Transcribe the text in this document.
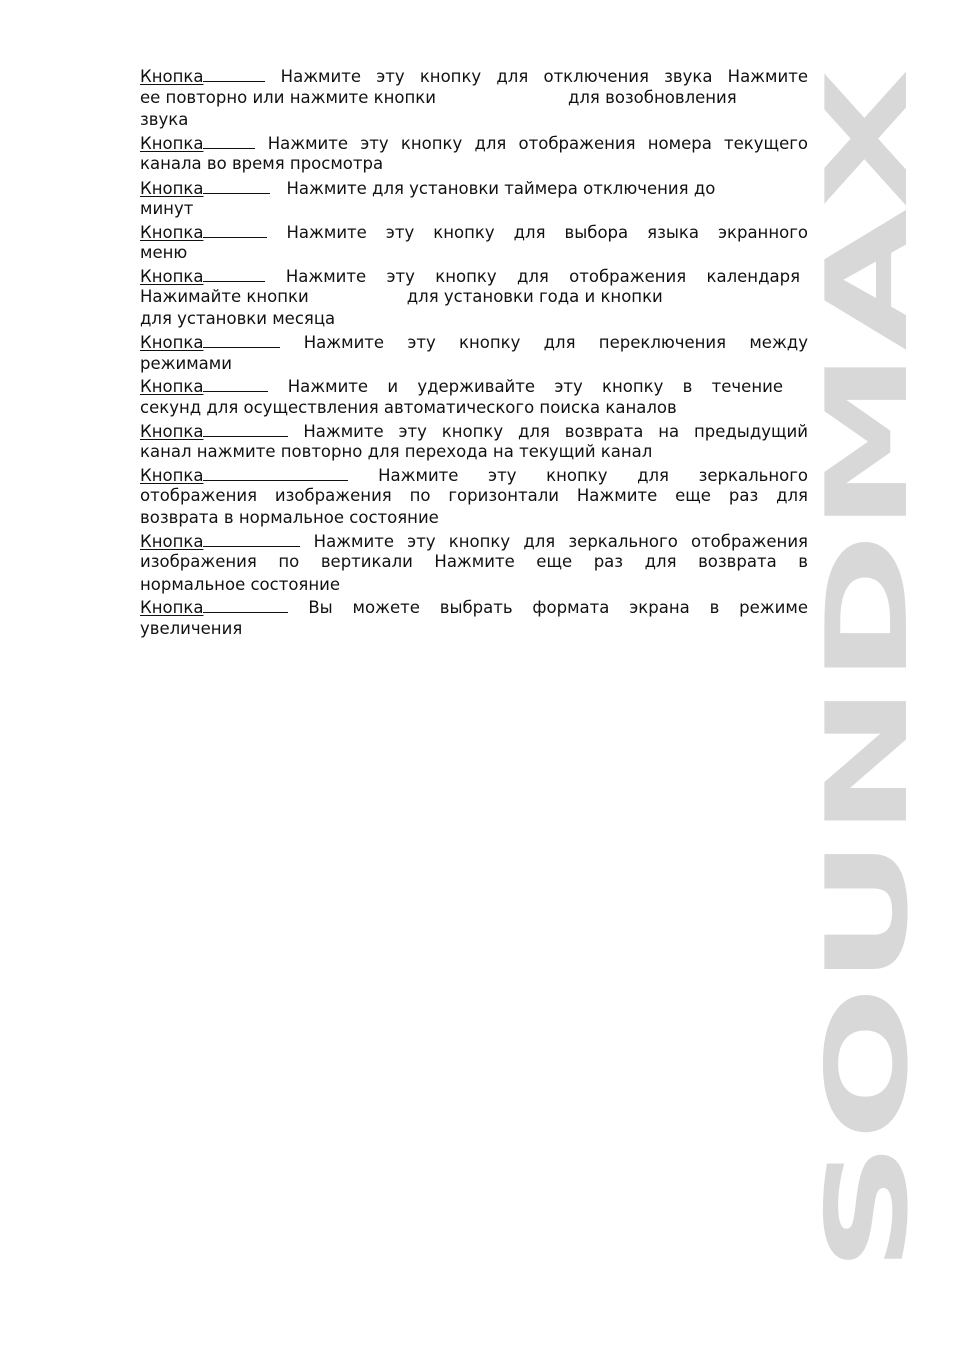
Кнопка	Нажмите эту кнопку для отключения звука Нажмите
ее повторно или нажмите кнопки	для возобновления
звука
Кнопка	Нажмите эту кнопку для отображения номера текущего
канала во время просмотра
Кнопка	Нажмите для установки таймера отключения до
минут
Кнопка	Нажмите эту кнопку для выбора языка экранного
меню
Кнопка	Нажмите эту кнопку для отображения календаря
Нажимайте кнопки	для установки года и кнопки
для установки месяца
Кнопка	Нажмите эту кнопку для переключения между
режимами
Кнопка	Нажмите и удерживайте эту кнопку в течение
секунд для осуществления автоматического поиска каналов
Кнопка	Нажмите эту кнопку для возврата на предыдущий
канал нажмите повторно для перехода на текущий канал
Кнопка	Нажмите эту кнопку для зеркального
отображения изображения по горизонтали Нажмите еще раз для
возврата в нормальное состояние
Кнопка	Нажмите эту кнопку для зеркального отображения
изображения по вертикали Нажмите еще раз для возврата в
нормальное состояние
Кнопка	Вы можете выбрать формата экрана в режиме
увеличения	SOUNDMAX
